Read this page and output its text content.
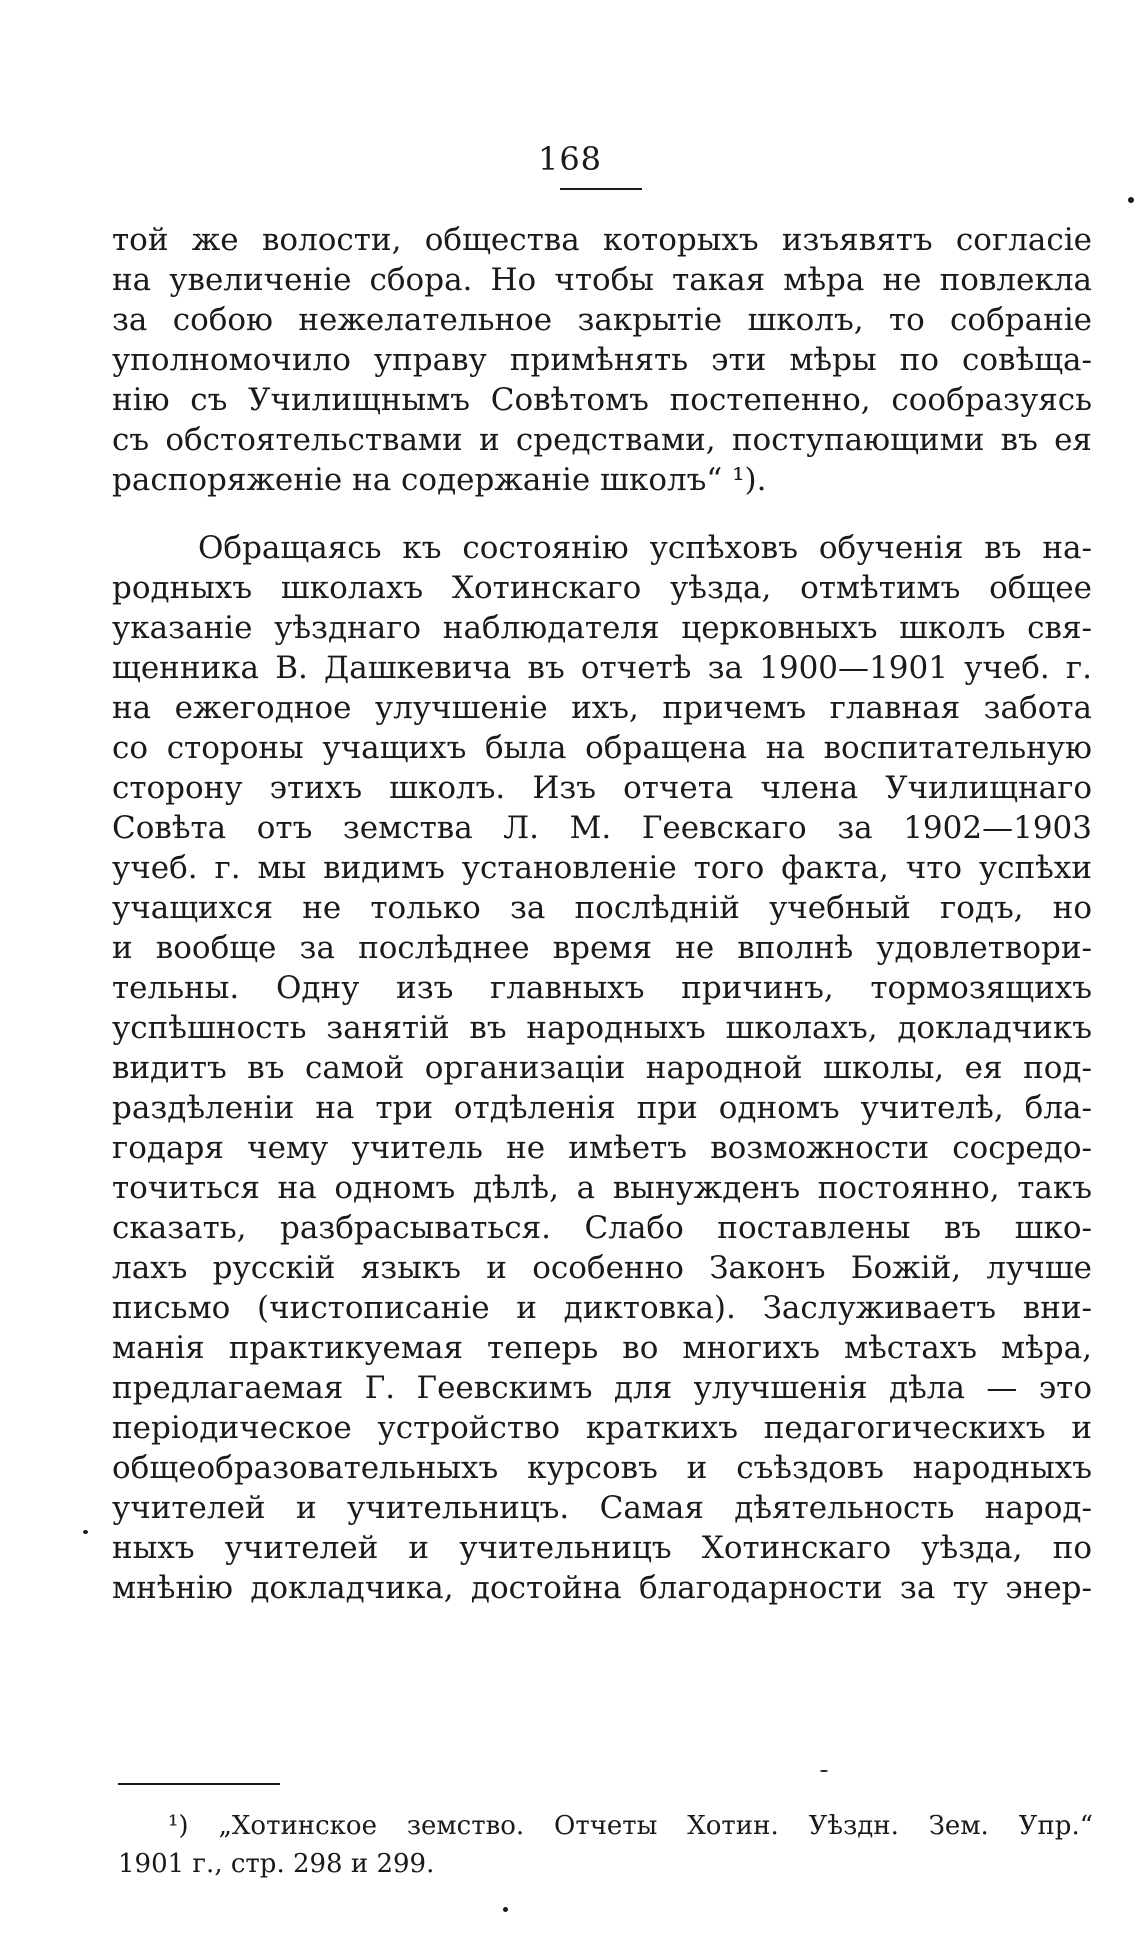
168
той же волости, общества которыхъ изъявятъ согласіе
на увеличеніе сбора. Но чтобы такая мѣра не повлекла
за собою нежелательное закрытіе школъ, то собраніе
уполномочило управу примѣнять эти мѣры по совѣща-
нію съ Училищнымъ Совѣтомъ постепенно, сообразуясь
съ обстоятельствами и средствами, поступающими въ ея
распоряженіе на содержаніе школъ“ ¹).
Обращаясь къ состоянію успѣховъ обученія въ на-
родныхъ школахъ Хотинскаго уѣзда, отмѣтимъ общее
указаніе уѣзднаго наблюдателя церковныхъ школъ свя-
щенника В. Дашкевича въ отчетѣ за 1900—1901 учеб. г.
на ежегодное улучшеніе ихъ, причемъ главная забота
со стороны учащихъ была обращена на воспитательную
сторону этихъ школъ. Изъ отчета члена Училищнаго
Совѣта отъ земства Л. М. Геевскаго за 1902—1903
учеб. г. мы видимъ установленіе того факта, что успѣхи
учащихся не только за послѣдній учебный годъ, но
и вообще за послѣднее время не вполнѣ удовлетвори-
тельны. Одну изъ главныхъ причинъ, тормозящихъ
успѣшность занятій въ народныхъ школахъ, докладчикъ
видитъ въ самой организаціи народной школы, ея под-
раздѣленіи на три отдѣленія при одномъ учителѣ, бла-
годаря чему учитель не имѣетъ возможности сосредо-
точиться на одномъ дѣлѣ, а вынужденъ постоянно, такъ
сказать, разбрасываться. Слабо поставлены въ шко-
лахъ русскій языкъ и особенно Законъ Божій, лучше
письмо (чистописаніе и диктовка). Заслуживаетъ вни-
манія практикуемая теперь во многихъ мѣстахъ мѣра,
предлагаемая Г. Геевскимъ для улучшенія дѣла — это
періодическое устройство краткихъ педагогическихъ и
общеобразовательныхъ курсовъ и съѣздовъ народныхъ
учителей и учительницъ. Самая дѣятельность народ-
ныхъ учителей и учительницъ Хотинскаго уѣзда, по
мнѣнію докладчика, достойна благодарности за ту энер-
¹) „Хотинское земство. Отчеты Хотин. Уѣздн. Зем. Упр.“
1901 г., стр. 298 и 299.
